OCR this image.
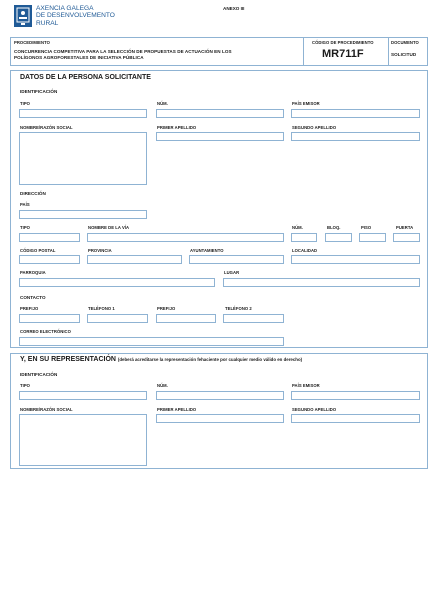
AXENCIA GALEGA
DE DESENVOLVEMENTO
RURAL
ANEXO III
PROCEDIMIENTO
CONCURRENCIA COMPETITIVA PARA LA SELECCIÓN DE PROPUESTAS DE ACTUACIÓN EN LOS
POLÍGONOS AGROFORESTALES DE INICIATIVA PÚBLICA
CÓDIGO DE PROCEDIMIENTO
MR711F
DOCUMENTO
SOLICITUD
DATOS DE LA PERSONA SOLICITANTE
IDENTIFICACIÓN
TIPO	NÚM.	PAÍS EMISOR
NOMBRE/RAZÓN SOCIAL	PRIMER APELLIDO	SEGUNDO APELLIDO
DIRECCIÓN
PAÍS
TIPO	NOMBRE DE LA VÍA	NÚM.	BLOQ.	PISO	PUERTA
CÓDIGO POSTAL	PROVINCIA	AYUNTAMIENTO	LOCALIDAD
PARROQUIA	LUGAR
CONTACTO
PREFIJO	TELÉFONO 1	PREFIJO	TELÉFONO 2
CORREO ELECTRÓNICO
Y, EN SU REPRESENTACIÓN (deberá acreditarse la representación fehaciente por cualquier medio válido en derecho)
IDENTIFICACIÓN
TIPO	NÚM.	PAÍS EMISOR
NOMBRE/RAZÓN SOCIAL	PRIMER APELLIDO	SEGUNDO APELLIDO
